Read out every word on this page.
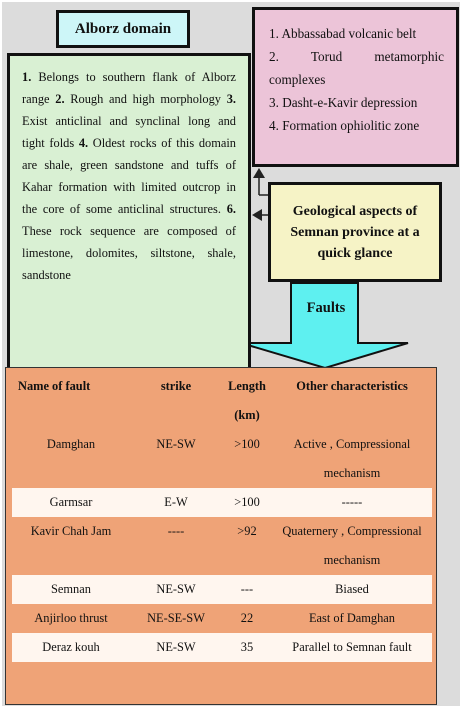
Alborz domain
1. Belongs to southern flank of Alborz range 2. Rough and high morphology 3. Exist anticlinal and synclinal long and tight folds 4. Oldest rocks of this domain are shale, green sandstone and tuffs of Kahar formation with limited outcrop in the core of some anticlinal structures. 6. These rock sequence are composed of limestone, dolomites, siltstone, shale, sandstone
1. Abbassabad volcanic belt
2. Torud metamorphic complexes
3. Dasht-e-Kavir depression
4. Formation ophiolitic zone
Geological aspects of Semnan province at a quick glance
Faults
Name of fault	strike	Length (km)	Other characteristics
Damghan	NE-SW	>100	Active , Compressional mechanism
Garmsar	E-W	>100	-----
Kavir Chah Jam	----	>92	Quaternery , Compressional mechanism
Semnan	NE-SW	---	Biased
Anjirloo thrust	NE-SE-SW	22	East of Damghan
Deraz kouh	NE-SW	35	Parallel to Semnan fault
